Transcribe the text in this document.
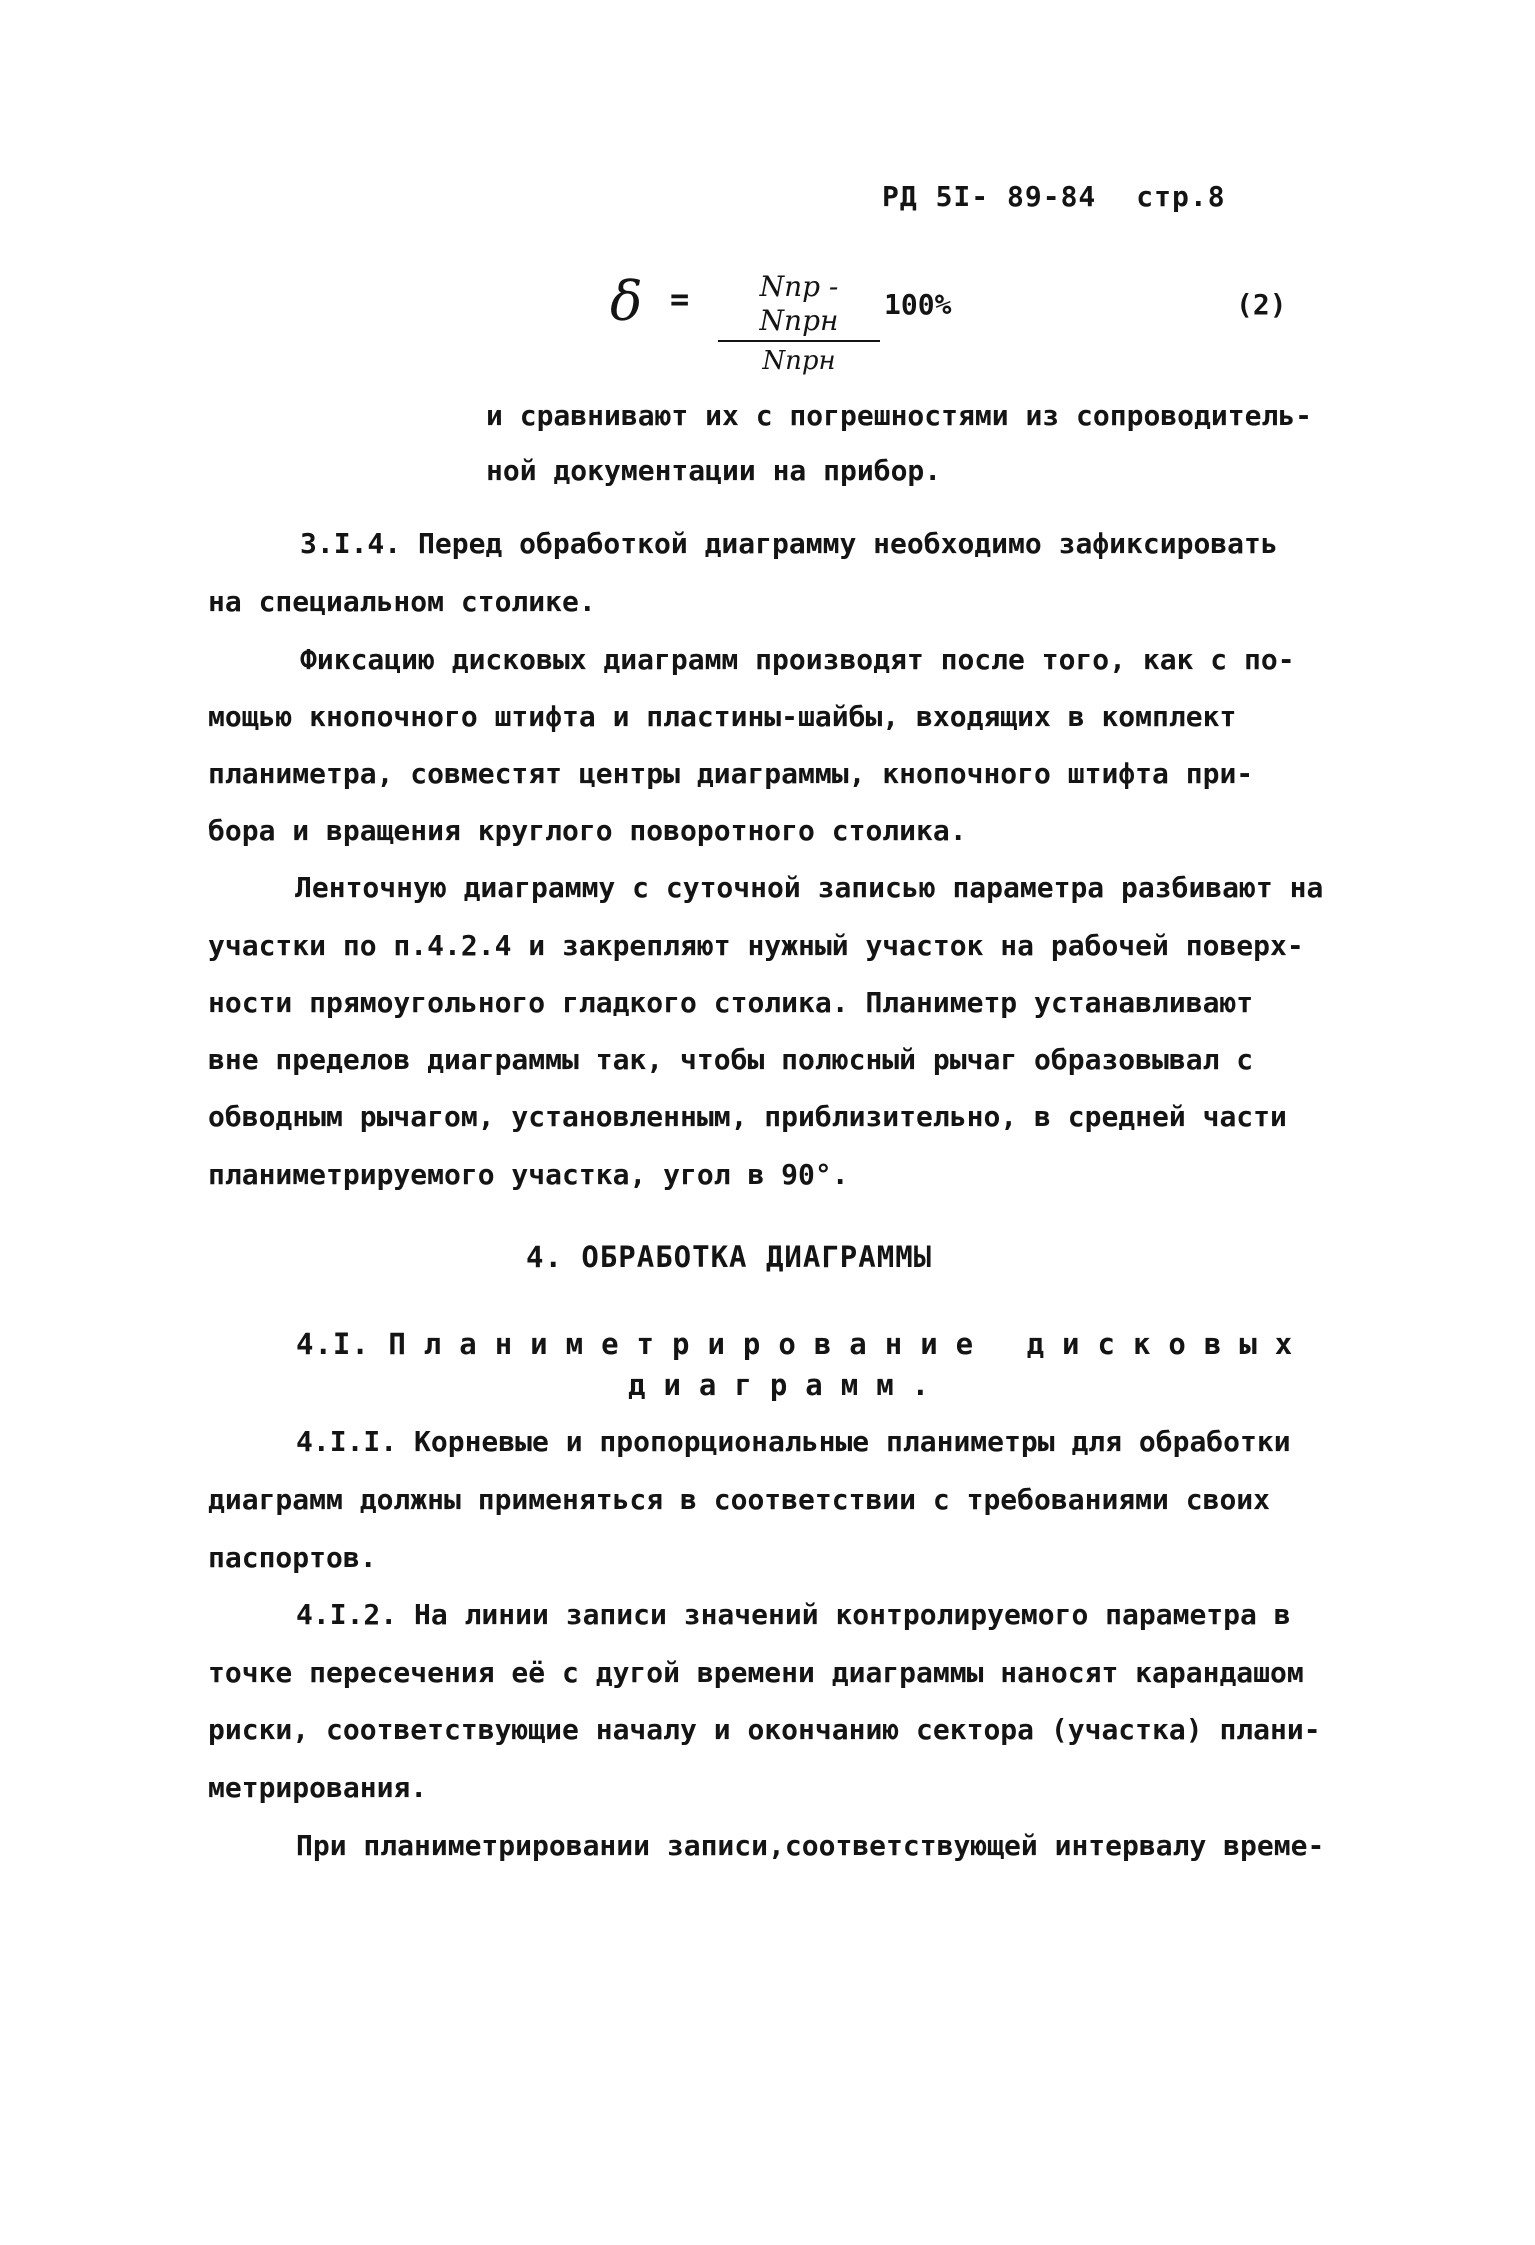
РД 5I- 89-84 стр.8
δ =	Nпр - Nпрн
Nпрн
100%	(2)
и сравнивают их с погрешностями из сопроводитель-
ной документации на прибор.
3.I.4. Перед обработкой диаграмму необходимо зафиксировать
на специальном столике.
Фиксацию дисковых диаграмм производят после того, как с по-
мощью кнопочного штифта и пластины-шайбы, входящих в комплект
планиметра, совместят центры диаграммы, кнопочного штифта при-
бора и вращения круглого поворотного столика.
Ленточную диаграмму с суточной записью параметра разбивают на
участки по п.4.2.4 и закрепляют нужный участок на рабочей поверх-
ности прямоугольного гладкого столика. Планиметр устанавливают
вне пределов диаграммы так, чтобы полюсный рычаг образовывал с
обводным рычагом, установленным, приблизительно, в средней части
планиметрируемого участка, угол в 90°.
4. ОБРАБОТКА ДИАГРАММЫ
4.I. Планиметрирование дисковых
диаграмм.
4.I.I. Корневые и пропорциональные планиметры для обработки
диаграмм должны применяться в соответствии с требованиями своих
паспортов.
4.I.2. На линии записи значений контролируемого параметра в
точке пересечения её с дугой времени диаграммы наносят карандашом
риски, соответствующие началу и окончанию сектора (участка) плани-
метрирования.
При планиметрировании записи,соответствующей интервалу време-
